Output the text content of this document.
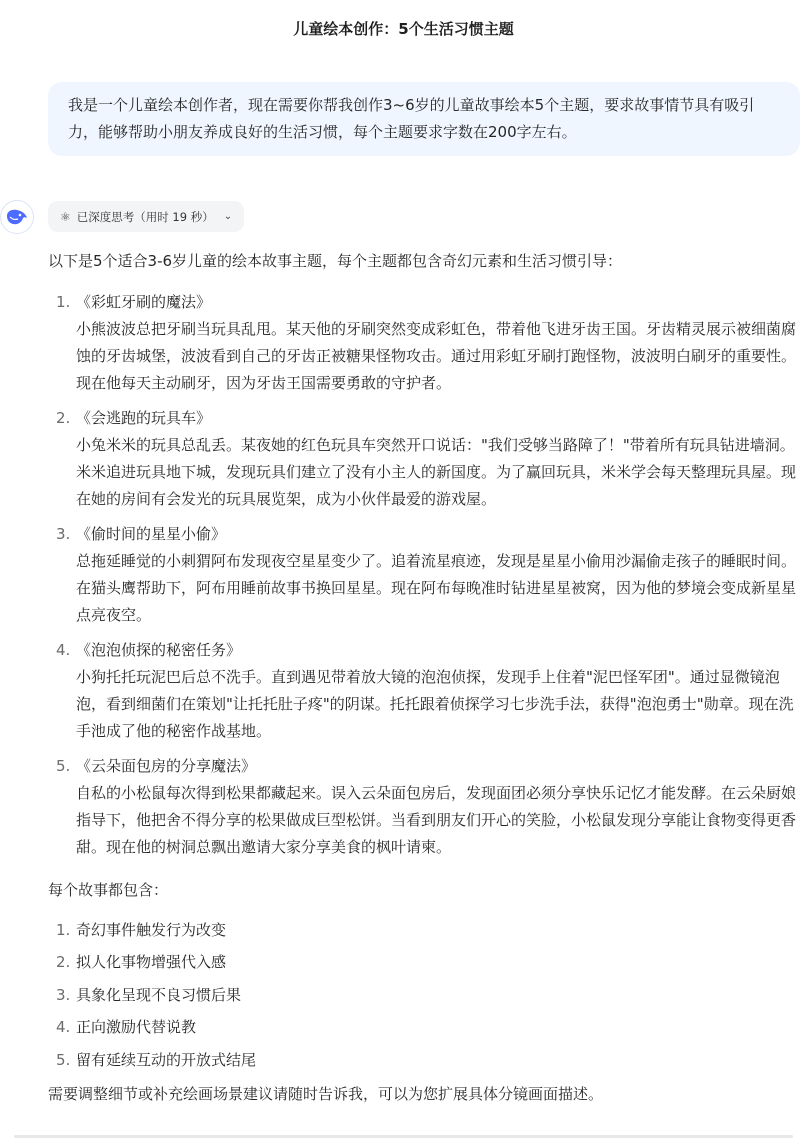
儿童绘本创作：5个生活习惯主题
我是一个儿童绘本创作者，现在需要你帮我创作3~6岁的儿童故事绘本5个主题，要求故事情节具有吸引力，能够帮助小朋友养成良好的生活习惯，每个主题要求字数在200字左右。
⚛ 已深度思考（用时 19 秒） ⌄
以下是5个适合3-6岁儿童的绘本故事主题，每个主题都包含奇幻元素和生活习惯引导：
1. 《彩虹牙刷的魔法》
小熊波波总把牙刷当玩具乱甩。某天他的牙刷突然变成彩虹色，带着他飞进牙齿王国。牙齿精灵展示被细菌腐蚀的牙齿城堡，波波看到自己的牙齿正被糖果怪物攻击。通过用彩虹牙刷打跑怪物，波波明白刷牙的重要性。现在他每天主动刷牙，因为牙齿王国需要勇敢的守护者。
2. 《会逃跑的玩具车》
小兔米米的玩具总乱丢。某夜她的红色玩具车突然开口说话："我们受够当路障了！"带着所有玩具钻进墙洞。米米追进玩具地下城，发现玩具们建立了没有小主人的新国度。为了赢回玩具，米米学会每天整理玩具屋。现在她的房间有会发光的玩具展览架，成为小伙伴最爱的游戏屋。
3. 《偷时间的星星小偷》
总拖延睡觉的小刺猬阿布发现夜空星星变少了。追着流星痕迹，发现是星星小偷用沙漏偷走孩子的睡眠时间。在猫头鹰帮助下，阿布用睡前故事书换回星星。现在阿布每晚准时钻进星星被窝，因为他的梦境会变成新星星点亮夜空。
4. 《泡泡侦探的秘密任务》
小狗托托玩泥巴后总不洗手。直到遇见带着放大镜的泡泡侦探，发现手上住着"泥巴怪军团"。通过显微镜泡泡，看到细菌们在策划"让托托肚子疼"的阴谋。托托跟着侦探学习七步洗手法，获得"泡泡勇士"勋章。现在洗手池成了他的秘密作战基地。
5. 《云朵面包房的分享魔法》
自私的小松鼠每次得到松果都藏起来。误入云朵面包房后，发现面团必须分享快乐记忆才能发酵。在云朵厨娘指导下，他把舍不得分享的松果做成巨型松饼。当看到朋友们开心的笑脸，小松鼠发现分享能让食物变得更香甜。现在他的树洞总飘出邀请大家分享美食的枫叶请柬。
每个故事都包含：
1. 奇幻事件触发行为改变
2. 拟人化事物增强代入感
3. 具象化呈现不良习惯后果
4. 正向激励代替说教
5. 留有延续互动的开放式结尾
需要调整细节或补充绘画场景建议请随时告诉我，可以为您扩展具体分镜画面描述。
